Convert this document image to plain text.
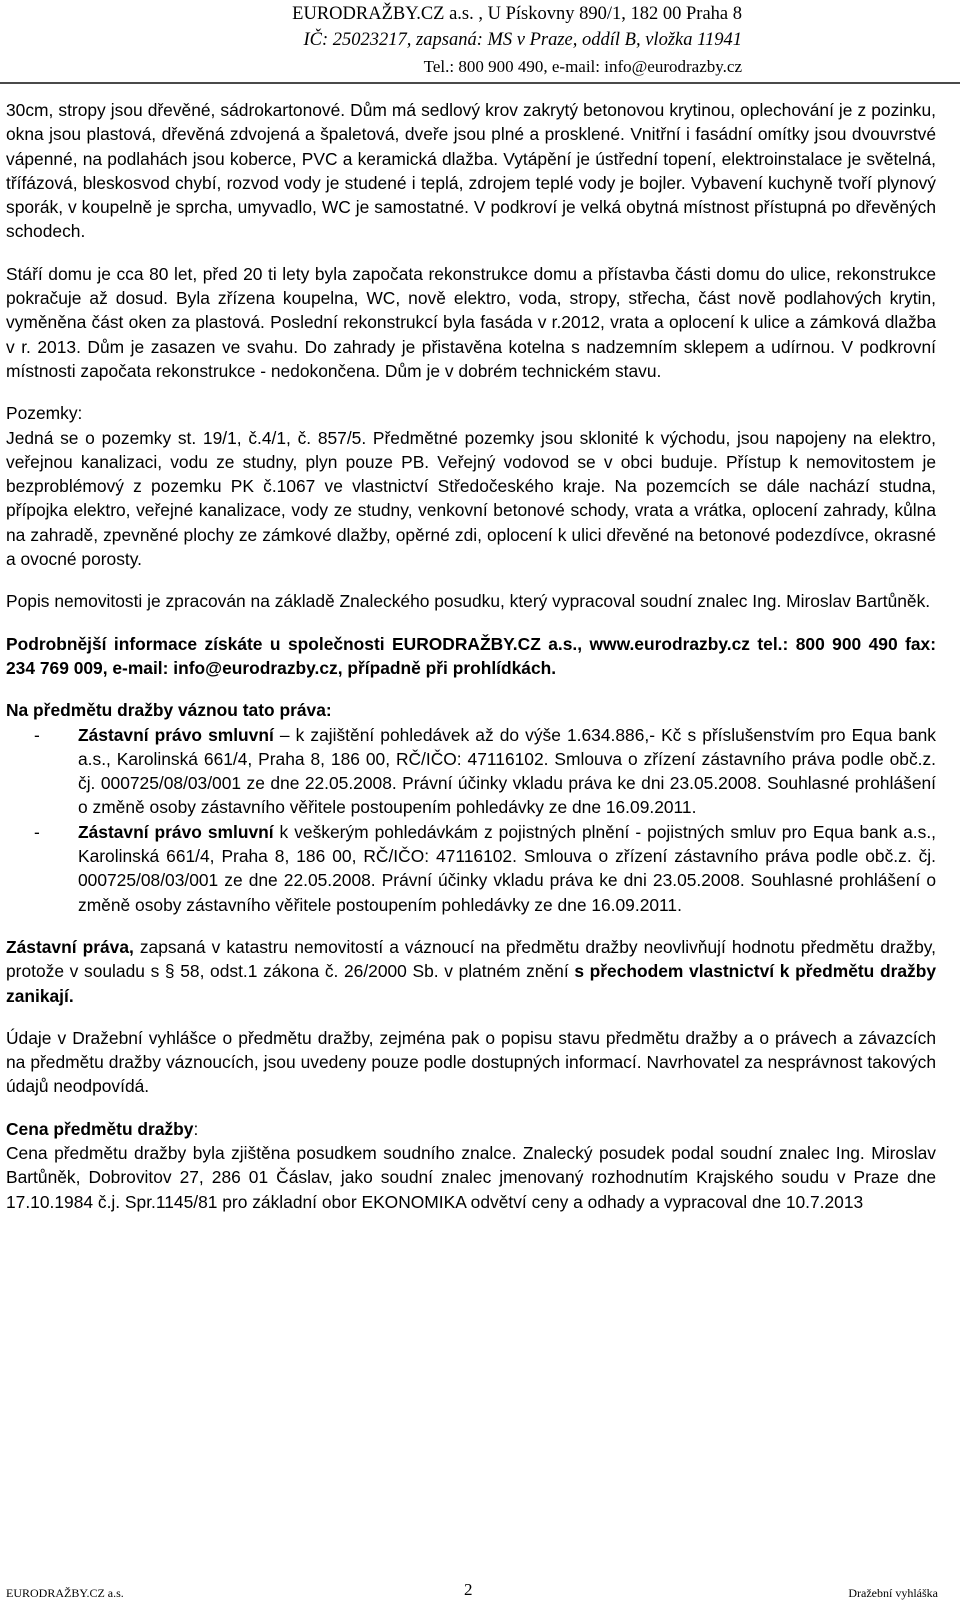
EURODRAŽBY.CZ a.s. , U Pískovny 890/1, 182 00 Praha 8
IČ: 25023217, zapsaná: MS v Praze, oddíl B, vložka 11941
Tel.: 800 900 490, e-mail: info@eurodrazby.cz

30cm, stropy jsou dřevěné, sádrokartonové. Dům má sedlový krov zakrytý betonovou krytinou, oplechování je z pozinku, okna jsou plastová, dřevěná zdvojená a špaletová, dveře jsou plné a prosklené. Vnitřní i fasádní omítky jsou dvouvrstvé vápenné, na podlahách jsou koberce, PVC a keramická dlažba. Vytápění je ústřední topení, elektroinstalace je světelná, třífázová, bleskosvod chybí, rozvod vody je studené i teplá, zdrojem teplé vody je bojler. Vybavení kuchyně tvoří plynový sporák, v koupelně je sprcha, umyvadlo, WC je samostatné. V podkroví je velká obytná místnost přístupná po dřevěných schodech.

Stáří domu je cca 80 let, před 20 ti lety byla započata rekonstrukce domu a přístavba části domu do ulice, rekonstrukce pokračuje až dosud. Byla zřízena koupelna, WC, nově elektro, voda, stropy, střecha, část nově podlahových krytin, vyměněna část oken za plastová. Poslední rekonstrukcí byla fasáda v r.2012, vrata a oplocení k ulice a zámková dlažba v r. 2013. Dům je zasazen ve svahu. Do zahrady je přistavěna kotelna s nadzemním sklepem a udírnou. V podkrovní místnosti započata rekonstrukce - nedokončena. Dům je v dobrém technickém stavu.

Pozemky:

Jedná se o pozemky st. 19/1, č.4/1, č. 857/5. Předmětné pozemky jsou sklonité k východu, jsou napojeny na elektro, veřejnou kanalizaci, vodu ze studny, plyn pouze PB. Veřejný vodovod se v obci buduje. Přístup k nemovitostem je bezproblémový z pozemku PK č.1067 ve vlastnictví Středočeského kraje. Na pozemcích se dále nachází studna, přípojka elektro, veřejné kanalizace, vody ze studny, venkovní betonové schody, vrata a vrátka, oplocení zahrady, kůlna na zahradě, zpevněné plochy ze zámkové dlažby, opěrné zdi, oplocení k ulici dřevěné na betonové podezdívce, okrasné a ovocné porosty.

Popis nemovitosti je zpracován na základě Znaleckého posudku, který vypracoval soudní znalec Ing. Miroslav Bartůněk.

Podrobnější informace získáte u společnosti EURODRAŽBY.CZ a.s., www.eurodrazby.cz tel.: 800 900 490 fax: 234 769 009, e-mail: info@eurodrazby.cz, případně při prohlídkách.

Na předmětu dražby váznou tato práva:

- Zástavní právo smluvní – k zajištění pohledávek až do výše 1.634.886,- Kč s příslušenstvím pro Equa bank a.s., Karolinská 661/4, Praha 8, 186 00, RČ/IČO: 47116102. Smlouva o zřízení zástavního práva podle obč.z. čj. 000725/08/03/001 ze dne 22.05.2008. Právní účinky vkladu práva ke dni 23.05.2008. Souhlasné prohlášení o změně osoby zástavního věřitele postoupením pohledávky ze dne 16.09.2011.
- Zástavní právo smluvní k veškerým pohledávkám z pojistných plnění - pojistných smluv pro Equa bank a.s., Karolinská 661/4, Praha 8, 186 00, RČ/IČO: 47116102. Smlouva o zřízení zástavního práva podle obč.z. čj. 000725/08/03/001 ze dne 22.05.2008. Právní účinky vkladu práva ke dni 23.05.2008. Souhlasné prohlášení o změně osoby zástavního věřitele postoupením pohledávky ze dne 16.09.2011.

Zástavní práva, zapsaná v katastru nemovitostí a váznoucí na předmětu dražby neovlivňují hodnotu předmětu dražby, protože v souladu s § 58, odst.1 zákona č. 26/2000 Sb. v platném znění s přechodem vlastnictví k předmětu dražby zanikají.

Údaje v Dražební vyhlášce o předmětu dražby, zejména pak o popisu stavu předmětu dražby a o právech a závazcích na předmětu dražby váznoucích, jsou uvedeny pouze podle dostupných informací. Navrhovatel za nesprávnost takových údajů neodpovídá.

Cena předmětu dražby:

Cena předmětu dražby byla zjištěna posudkem soudního znalce. Znalecký posudek podal soudní znalec Ing. Miroslav Bartůněk, Dobrovitov 27, 286 01 Čáslav, jako soudní znalec jmenovaný rozhodnutím Krajského soudu v Praze dne 17.10.1984 č.j. Spr.1145/81 pro základní obor EKONOMIKA odvětví ceny a odhady a vypracoval dne 10.7.2013

EURODRAŽBY.CZ a.s.	2	Dražební vyhláška
